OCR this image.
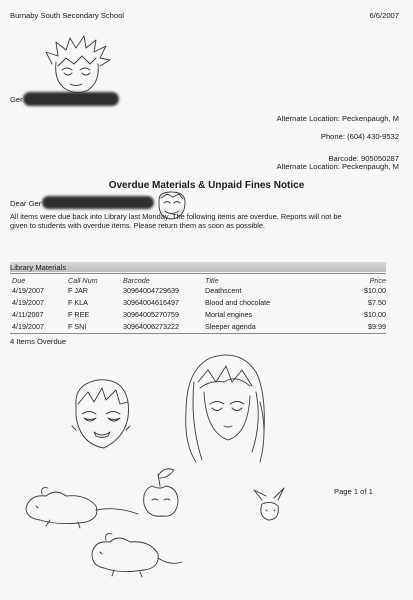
Burnaby South Secondary School	6/6/2007
Ger
Alternate Location: Peckenpaugh, M
Phone: (604) 430-9532
Barcode: 905050287
Alternate Location: Peckenpaugh, M
Overdue Materials & Unpaid Fines Notice
Dear Ger
All items were due back into Library last Monday. The following items are overdue. Reports will not be given to students with overdue items. Please return them as soon as possible.
Library Materials
Due	Call Num	Barcode	Title	Price
4/19/2007	F JAR	30964004729639	Deathscent	$10.00
4/19/2007	F KLA	30964004616497	Blood and chocolate	$7.50
4/11/2007	F REE	30964005270759	Mortal engines	$10.00
4/19/2007	F SNI	30964006273222	Sleeper agenda	$9.99
4 Items Overdue
Page 1 of 1
